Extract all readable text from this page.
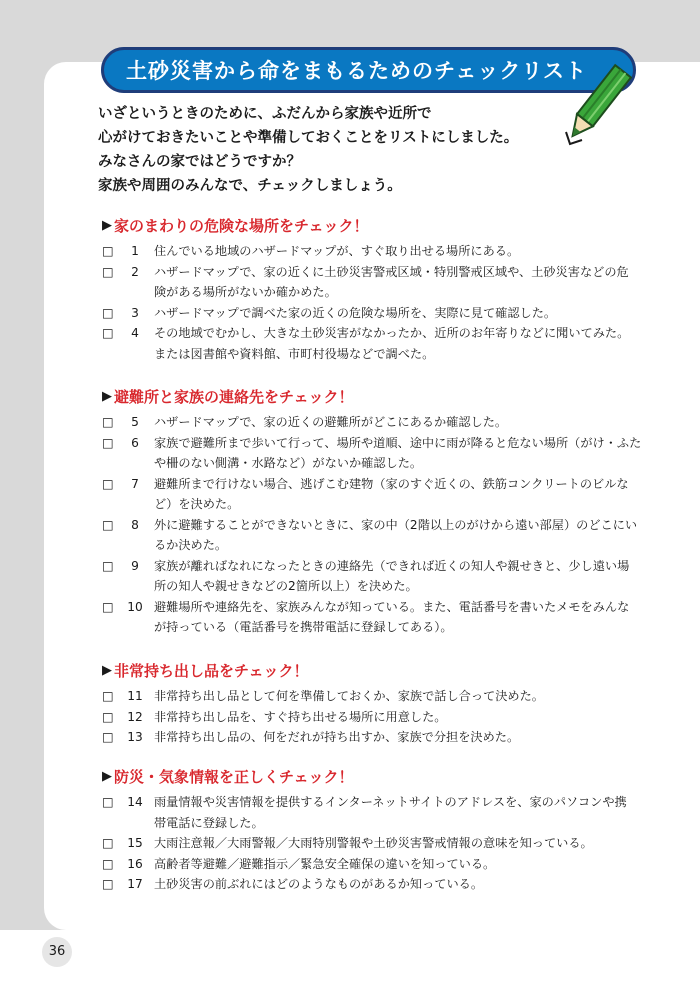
土砂災害から命をまもるためのチェックリスト
いざというときのために、ふだんから家族や近所で
心がけておきたいことや準備しておくことをリストにしました。
みなさんの家ではどうですか？
家族や周囲のみんなで、チェックしましょう。
▶ 家のまわりの危険な場所をチェック！
□	1	住んでいる地域のハザードマップが、すぐ取り出せる場所にある。
□	2	ハザードマップで、家の近くに土砂災害警戒区域・特別警戒区域や、土砂災害などの危
険がある場所がないか確かめた。
□	3	ハザードマップで調べた家の近くの危険な場所を、実際に見て確認した。
□	4	その地域でむかし、大きな土砂災害がなかったか、近所のお年寄りなどに聞いてみた。
または図書館や資料館、市町村役場などで調べた。
▶ 避難所と家族の連絡先をチェック！
□	5	ハザードマップで、家の近くの避難所がどこにあるか確認した。
□	6	家族で避難所まで歩いて行って、場所や道順、途中に雨が降ると危ない場所（がけ・ふた
や柵のない側溝・水路など）がないか確認した。
□	7	避難所まで行けない場合、逃げこむ建物（家のすぐ近くの、鉄筋コンクリートのビルな
ど）を決めた。
□	8	外に避難することができないときに、家の中（2階以上のがけから遠い部屋）のどこにい
るか決めた。
□	9	家族が離ればなれになったときの連絡先（できれば近くの知人や親せきと、少し遠い場
所の知人や親せきなどの2箇所以上）を決めた。
□	10 避難場所や連絡先を、家族みんなが知っている。また、電話番号を書いたメモをみんな
が持っている（電話番号を携帯電話に登録してある）。
▶ 非常持ち出し品をチェック！
□	11 非常持ち出し品として何を準備しておくか、家族で話し合って決めた。
□	12 非常持ち出し品を、すぐ持ち出せる場所に用意した。
□	13 非常持ち出し品の、何をだれが持ち出すか、家族で分担を決めた。
▶ 防災・気象情報を正しくチェック！
□	14 雨量情報や災害情報を提供するインターネットサイトのアドレスを、家のパソコンや携
帯電話に登録した。
□	15 大雨注意報／大雨警報／大雨特別警報や土砂災害警戒情報の意味を知っている。
□	16 高齢者等避難／避難指示／緊急安全確保の違いを知っている。
□	17 土砂災害の前ぶれにはどのようなものがあるか知っている。
36
